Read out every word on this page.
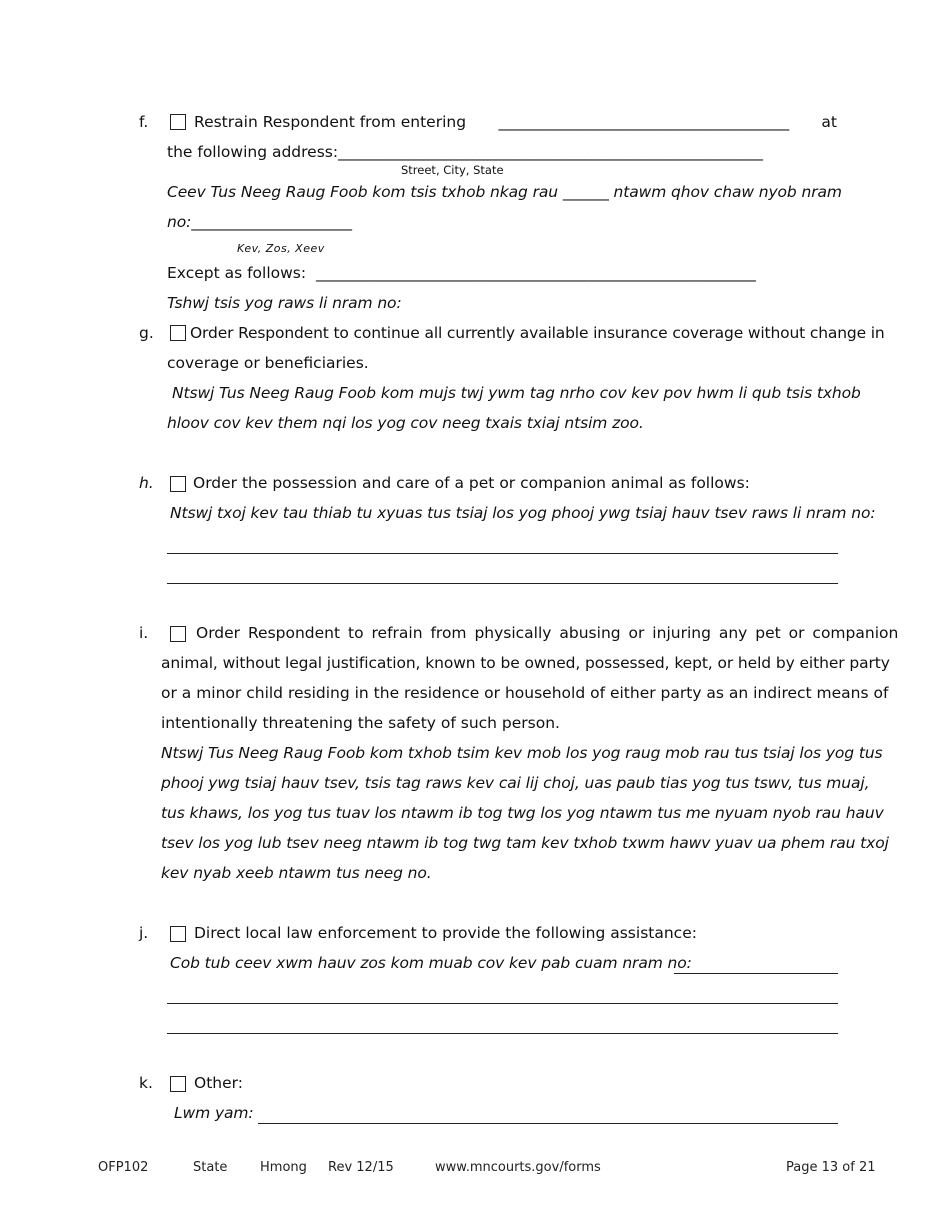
f.	Restrain Respondent from entering _______________________________________ at
the following address:_________________________________________________________
Street, City, State
Ceev Tus Neeg Raug Foob kom tsis txhob nkag rau ______ ntawm qhov chaw nyob nram
no:_____________________
Kev, Zos, Xeev
Except as follows: ___________________________________________________________
Tshwj tsis yog raws li nram no:
g. Order Respondent to continue all currently available insurance coverage without change in
coverage or beneficiaries.
Ntswj Tus Neeg Raug Foob kom mujs twj ywm tag nrho cov kev pov hwm li qub tsis txhob
hloov cov kev them nqi los yog cov neeg txais txiaj ntsim zoo.
h.	Order the possession and care of a pet or companion animal as follows:
Ntswj txoj kev tau thiab tu xyuas tus tsiaj los yog phooj ywg tsiaj hauv tsev raws li nram no:
i.	Order Respondent to refrain from physically abusing or injuring any pet or companion
animal, without legal justification, known to be owned, possessed, kept, or held by either party
or a minor child residing in the residence or household of either party as an indirect means of
intentionally threatening the safety of such person.
Ntswj Tus Neeg Raug Foob kom txhob tsim kev mob los yog raug mob rau tus tsiaj los yog tus
phooj ywg tsiaj hauv tsev, tsis tag raws kev cai lij choj, uas paub tias yog tus tswv, tus muaj,
tus khaws, los yog tus tuav los ntawm ib tog twg los yog ntawm tus me nyuam nyob rau hauv
tsev los yog lub tsev neeg ntawm ib tog twg tam kev txhob txwm hawv yuav ua phem rau txoj
kev nyab xeeb ntawm tus neeg no.
j.	Direct local law enforcement to provide the following assistance:
Cob tub ceev xwm hauv zos kom muab cov kev pab cuam nram no:
k.	Other:
Lwm yam:
OFP102	State	Hmong Rev 12/15	www.mncourts.gov/forms	Page 13 of 21
